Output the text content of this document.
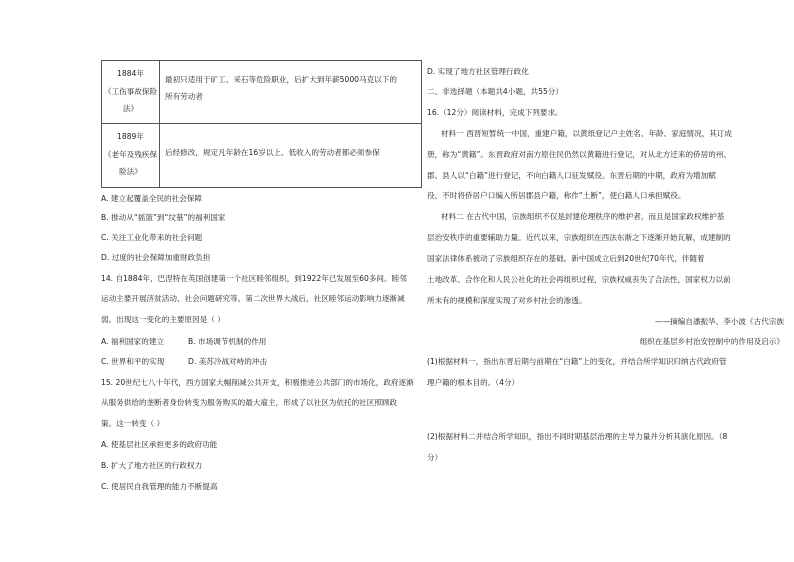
1884年
《工伤事故保险
法》
最初只适用于矿工、采石等危险职业，后扩大到年薪5000马克以下的
所有劳动者
1889年
《老年及残疾保
险法》
后经修改，规定凡年龄在16岁以上、低收入的劳动者都必须参保
A. 建立起覆盖全民的社会保障
B. 推动从“摇篮”到“坟墓”的福利国家
C. 关注工业化带来的社会问题
D. 过度的社会保障加重财政负担
14. 自1884年，巴涅特在英国创建第一个社区睦邻组织，到1922年已发展至60多间。睦邻
运动主要开展济贫活动、社会问题研究等。第二次世界大战后，社区睦邻运动影响力逐渐减
弱。出现这一变化的主要原因是（ ）
A. 福利国家的建立	B. 市场调节机制的作用
C. 世界和平的实现	D. 美苏冷战对峙的冲击
15. 20世纪七八十年代，西方国家大幅削减公共开支，积极推进公共部门的市场化，政府逐渐
从服务供给的垄断者身份转变为服务购买的最大雇主，形成了以社区为依托的社区照顾政
策。这一转变（ ）
A. 使基层社区承担更多的政府功能
B. 扩大了地方社区的行政权力
C. 使居民自我管理的能力不断提高
D. 实现了地方社区管理行政化
二、非选择题（本题共4小题，共55分）
16.（12分）阅读材料，完成下列要求。
材料一 西晋短暂统一中国，重建户籍，以黄纸登记户主姓名、年龄、家庭情况，其订成
册，称为“黄籍”。东晋政府对南方原住民仍然以黄籍进行登记，对从北方迁来的侨居的州、
郡、县人以“白籍”进行登记，不向白籍人口征发赋役。东晋后期的中期，政府为增加赋
役，不时将侨居户口编入所居郡县户籍，称作“土断”，使白籍人口承担赋役。
材料二 在古代中国，宗族组织不仅是封建伦理秩序的维护者，而且是国家政权维护基
层治安秩序的重要辅助力量。近代以来，宗族组织在西法东渐之下逐渐开始瓦解，成建制的
国家法律体系被动了宗族组织存在的基础。新中国成立后到20世纪70年代，伴随着
土地改革、合作化和人民公社化的社会再组织过程，宗族权威丧失了合法性，国家权力以前
所未有的规模和深度实现了对乡村社会的渗透。
——摘编自潘振华、李小波《古代宗族
组织在基层乡村治安控制中的作用及启示》
(1)根据材料一，指出东晋后期与前期在“白籍”上的变化，并结合所学知识归纳古代政府管
理户籍的根本目的。（4分）
(2)根据材料二并结合所学知识，指出不同时期基层治理的主导力量并分析其演化原因。（8
分）
